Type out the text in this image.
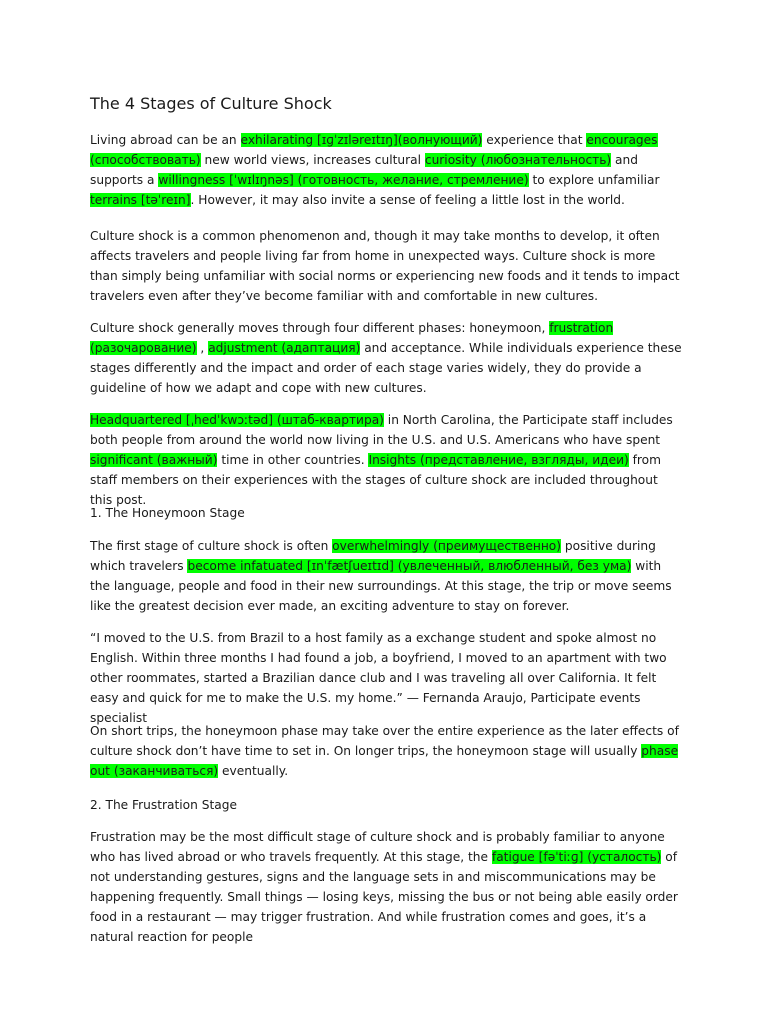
The 4 Stages of Culture Shock

Living abroad can be an exhilarating [ɪɡˈzɪləreɪtɪŋ](волнующий) experience that encourages (способствовать) new world views, increases cultural curiosity (любознательность) and supports a willingness [ˈwɪlɪŋnəs] (готовность, желание, стремление) to explore unfamiliar terrains [təˈreɪn]. However, it may also invite a sense of feeling a little lost in the world.

Culture shock is a common phenomenon and, though it may take months to develop, it often affects travelers and people living far from home in unexpected ways. Culture shock is more than simply being unfamiliar with social norms or experiencing new foods and it tends to impact travelers even after they’ve become familiar with and comfortable in new cultures.

Culture shock generally moves through four different phases: honeymoon, frustration (разочарование) , adjustment (адаптация) and acceptance. While individuals experience these stages differently and the impact and order of each stage varies widely, they do provide a guideline of how we adapt and cope with new cultures.

Headquartered [ˌhedˈkwɔːtəd] (штаб-квартира) in North Carolina, the Participate staff includes both people from around the world now living in the U.S. and U.S. Americans who have spent significant (важный) time in other countries. Insights (представление, взгляды, идеи) from staff members on their experiences with the stages of culture shock are included throughout this post.

1. The Honeymoon Stage

The first stage of culture shock is often overwhelmingly (преимущественно) positive during which travelers become infatuated [ɪnˈfætʃueɪtɪd] (увлеченный, влюбленный, без ума) with the language, people and food in their new surroundings. At this stage, the trip or move seems like the greatest decision ever made, an exciting adventure to stay on forever.

“I moved to the U.S. from Brazil to a host family as a exchange student and spoke almost no English. Within three months I had found a job, a boyfriend, I moved to an apartment with two other roommates, started a Brazilian dance club and I was traveling all over California. It felt easy and quick for me to make the U.S. my home.” — Fernanda Araujo, Participate events specialist

On short trips, the honeymoon phase may take over the entire experience as the later effects of culture shock don’t have time to set in. On longer trips, the honeymoon stage will usually phase out (заканчиваться) eventually.

2. The Frustration Stage

Frustration may be the most difficult stage of culture shock and is probably familiar to anyone who has lived abroad or who travels frequently. At this stage, the fatigue [fəˈtiːɡ] (усталость) of not understanding gestures, signs and the language sets in and miscommunications may be happening frequently. Small things — losing keys, missing the bus or not being able easily order food in a restaurant — may trigger frustration. And while frustration comes and goes, it’s a natural reaction for people
